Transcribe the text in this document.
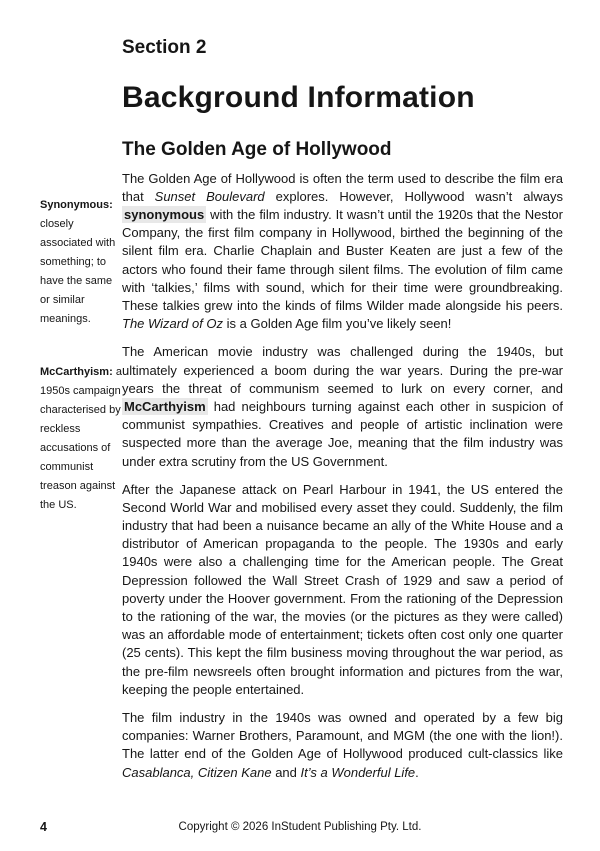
Synonymous: closely associated with something; to have the same or similar meanings.
McCarthyism: a 1950s campaign characterised by reckless accusations of communist treason against the US.
Section 2
Background Information
The Golden Age of Hollywood

The Golden Age of Hollywood is often the term used to describe the film era that Sunset Boulevard explores. However, Hollywood wasn’t always synonymous with the film industry. It wasn’t until the 1920s that the Nestor Company, the first film company in Hollywood, birthed the beginning of the silent film era. Charlie Chaplain and Buster Keaten are just a few of the actors who found their fame through silent films. The evolution of film came with ‘talkies,’ films with sound, which for their time were groundbreaking. These talkies grew into the kinds of films Wilder made alongside his peers. The Wizard of Oz is a Golden Age film you’ve likely seen!

The American movie industry was challenged during the 1940s, but ultimately experienced a boom during the war years. During the pre-war years the threat of communism seemed to lurk on every corner, and McCarthyism had neighbours turning against each other in suspicion of communist sympathies. Creatives and people of artistic inclination were suspected more than the average Joe, meaning that the film industry was under extra scrutiny from the US Government.

After the Japanese attack on Pearl Harbour in 1941, the US entered the Second World War and mobilised every asset they could. Suddenly, the film industry that had been a nuisance became an ally of the White House and a distributor of American propaganda to the people. The 1930s and early 1940s were also a challenging time for the American people. The Great Depression followed the Wall Street Crash of 1929 and saw a period of poverty under the Hoover government. From the rationing of the Depression to the rationing of the war, the movies (or the pictures as they were called) was an affordable mode of entertainment; tickets often cost only one quarter (25 cents). This kept the film business moving throughout the war period, as the pre-film newsreels often brought information and pictures from the war, keeping the people entertained.

The film industry in the 1940s was owned and operated by a few big companies: Warner Brothers, Paramount, and MGM (the one with the lion!). The latter end of the Golden Age of Hollywood produced cult-classics like Casablanca, Citizen Kane and It’s a Wonderful Life.

4	Copyright © 2026 InStudent Publishing Pty. Ltd.
